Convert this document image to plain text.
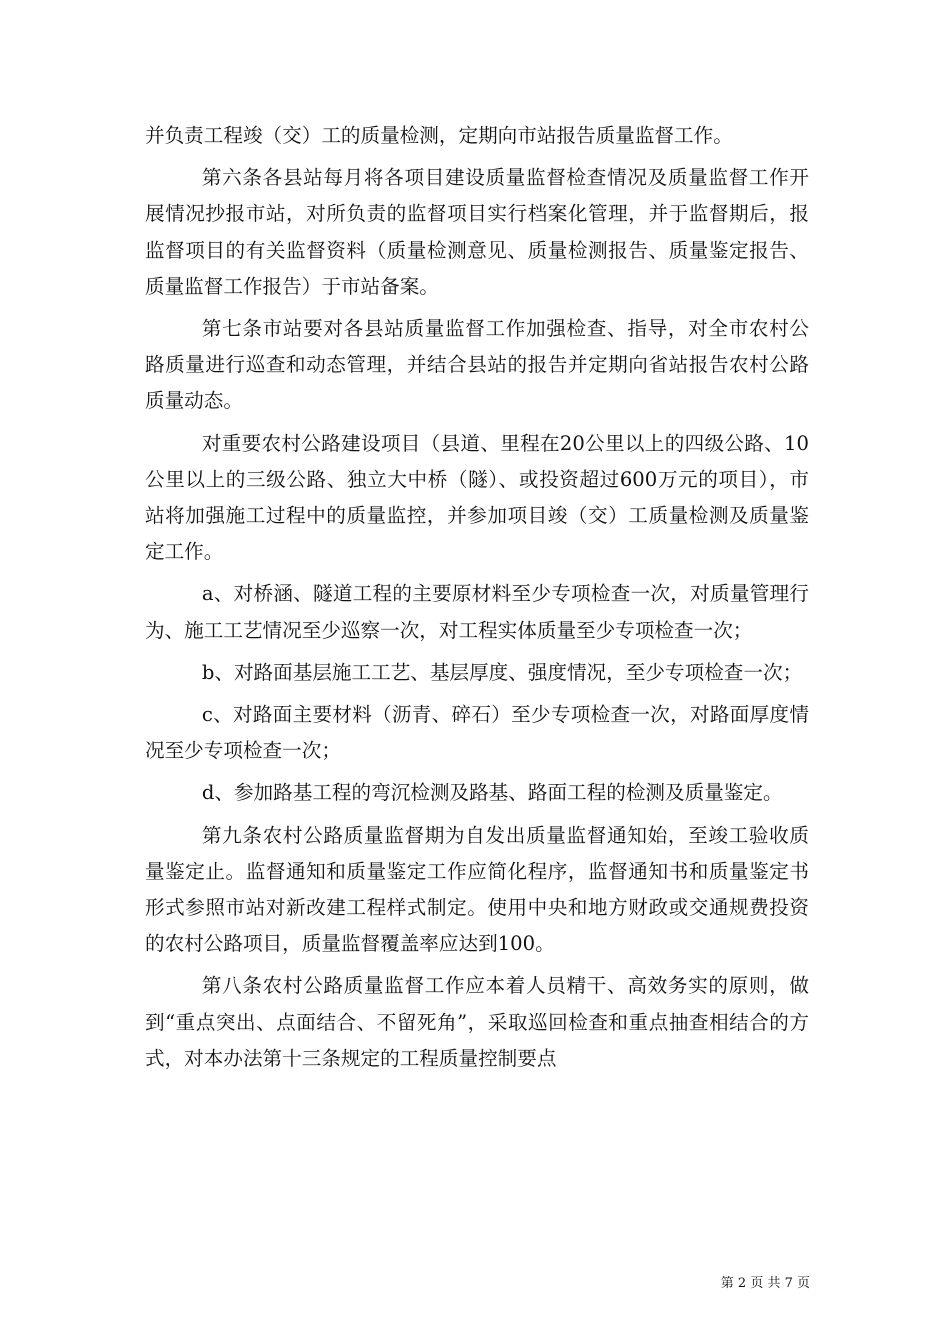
并负责工程竣（交）工的质量检测，定期向市站报告质量监督工作。

第六条各县站每月将各项目建设质量监督检查情况及质量监督工作开展情况抄报市站，对所负责的监督项目实行档案化管理，并于监督期后，报监督项目的有关监督资料（质量检测意见、质量检测报告、质量鉴定报告、质量监督工作报告）于市站备案。

第七条市站要对各县站质量监督工作加强检查、指导，对全市农村公路质量进行巡查和动态管理，并结合县站的报告并定期向省站报告农村公路质量动态。

对重要农村公路建设项目（县道、里程在20公里以上的四级公路、10公里以上的三级公路、独立大中桥（隧）、或投资超过600万元的项目），市站将加强施工过程中的质量监控，并参加项目竣（交）工质量检测及质量鉴定工作。

a、对桥涵、隧道工程的主要原材料至少专项检查一次，对质量管理行为、施工工艺情况至少巡察一次，对工程实体质量至少专项检查一次；

b、对路面基层施工工艺、基层厚度、强度情况，至少专项检查一次；

c、对路面主要材料（沥青、碎石）至少专项检查一次，对路面厚度情况至少专项检查一次；

d、参加路基工程的弯沉检测及路基、路面工程的检测及质量鉴定。

第九条农村公路质量监督期为自发出质量监督通知始，至竣工验收质量鉴定止。监督通知和质量鉴定工作应简化程序，监督通知书和质量鉴定书形式参照市站对新改建工程样式制定。使用中央和地方财政或交通规费投资的农村公路项目，质量监督覆盖率应达到100。

第八条农村公路质量监督工作应本着人员精干、高效务实的原则，做到“重点突出、点面结合、不留死角”，采取巡回检查和重点抽查相结合的方式，对本办法第十三条规定的工程质量控制要点

第 2 页 共 7 页
